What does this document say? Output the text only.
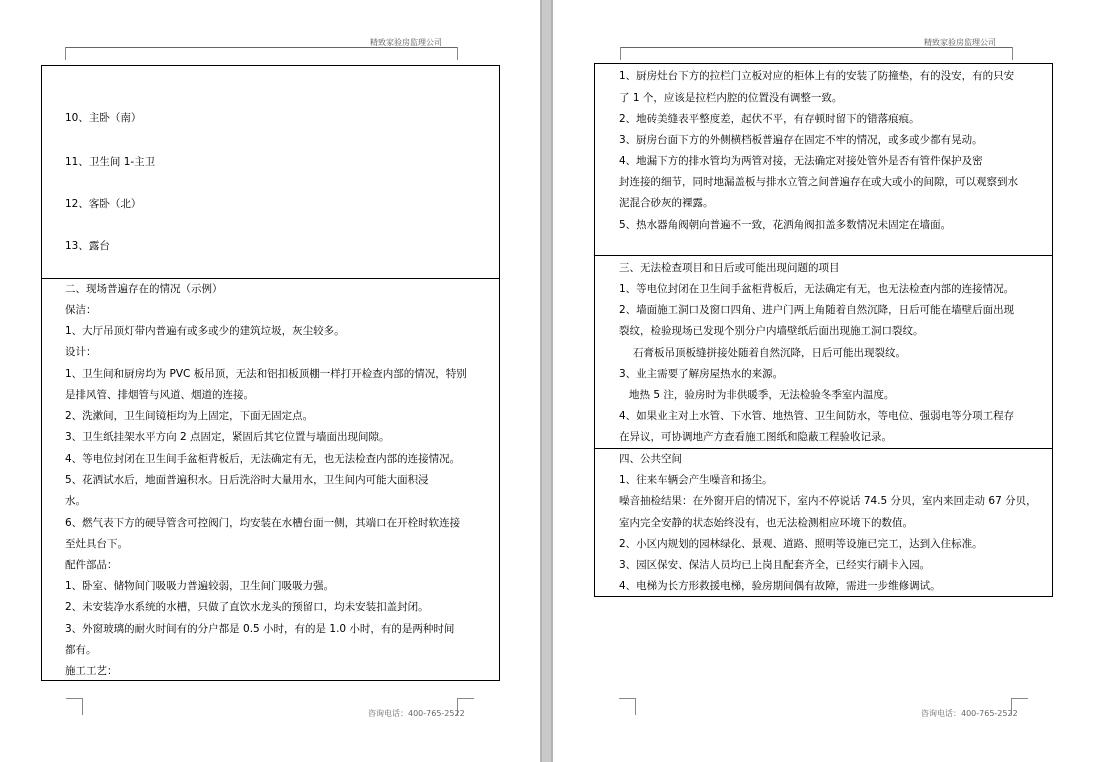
精致家验房监理公司
10、主卧（南）
11、卫生间 1-主卫
12、客卧（北）
13、露台
二、现场普遍存在的情况（示例）
保洁：
1、大厅吊顶灯带内普遍有或多或少的建筑垃圾，灰尘较多。
设计：
1、卫生间和厨房均为 PVC 板吊顶，无法和铝扣板顶棚一样打开检查内部的情况，特别
是排风管、排烟管与风道、烟道的连接。
2、洗漱间，卫生间镜柜均为上固定，下面无固定点。
3、卫生纸挂架水平方向 2 点固定，紧固后其它位置与墙面出现间隙。
4、等电位封闭在卫生间手盆柜背板后，无法确定有无，也无法检查内部的连接情况。
5、花洒试水后，地面普遍积水。日后洗浴时大量用水，卫生间内可能大面积浸
水。
6、燃气表下方的硬导管含可控阀门，均安装在水槽台面一侧，其端口在开栓时软连接
至灶具台下。
配件部品：
1、卧室、储物间门吸吸力普遍较弱，卫生间门吸吸力强。
2、未安装净水系统的水槽，只做了直饮水龙头的预留口，均未安装扣盖封闭。
3、外窗玻璃的耐火时间有的分户都是 0.5 小时，有的是 1.0 小时，有的是两种时间
都有。
施工工艺：
咨询电话：400-765-2522
精致家验房监理公司
1、厨房灶台下方的拉栏门立板对应的柜体上有的安装了防撞垫，有的没安，有的只安
了 1 个，应该是拉栏内腔的位置没有调整一致。
2、地砖美缝表平整度差，起伏不平，有存顿时留下的错落痕痕。
3、厨房台面下方的外侧横档板普遍存在固定不牢的情况，或多或少都有晃动。
4、地漏下方的排水管均为两管对接，无法确定对接处管外是否有管件保护及密
封连接的细节，同时地漏盖板与排水立管之间普遍存在或大或小的间隙，可以观察到水
泥混合砂灰的裸露。
5、热水器角阀朝向普遍不一致，花洒角阀扣盖多数情况未固定在墙面。
三、无法检查项目和日后或可能出现问题的项目
1、等电位封闭在卫生间手盆柜背板后，无法确定有无，也无法检查内部的连接情况。
2、墙面施工洞口及窗口四角、进户门两上角随着自然沉降，日后可能在墙壁后面出现
裂纹，检验现场已发现个别分户内墙壁纸后面出现施工洞口裂纹。
石膏板吊顶板缝拼接处随着自然沉降，日后可能出现裂纹。
3、业主需要了解房屋热水的来源。
地热 5 注，验房时为非供暖季，无法检验冬季室内温度。
4、如果业主对上水管、下水管、地热管、卫生间防水，等电位、强弱电等分项工程存
在异议，可协调地产方查看施工图纸和隐蔽工程验收记录。
四、公共空间
1、往来车辆会产生噪音和扬尘。
噪音抽检结果：在外窗开启的情况下，室内不停说话 74.5 分贝，室内来回走动 67 分贝，
室内完全安静的状态始终没有，也无法检测相应环境下的数值。
2、小区内规划的园林绿化、景观、道路、照明等设施已完工，达到入住标准。
3、园区保安、保洁人员均已上岗且配套齐全，已经实行刷卡入园。
4、电梯为长方形救援电梯，验房期间偶有故障，需进一步维修调试。
咨询电话：400-765-2522
